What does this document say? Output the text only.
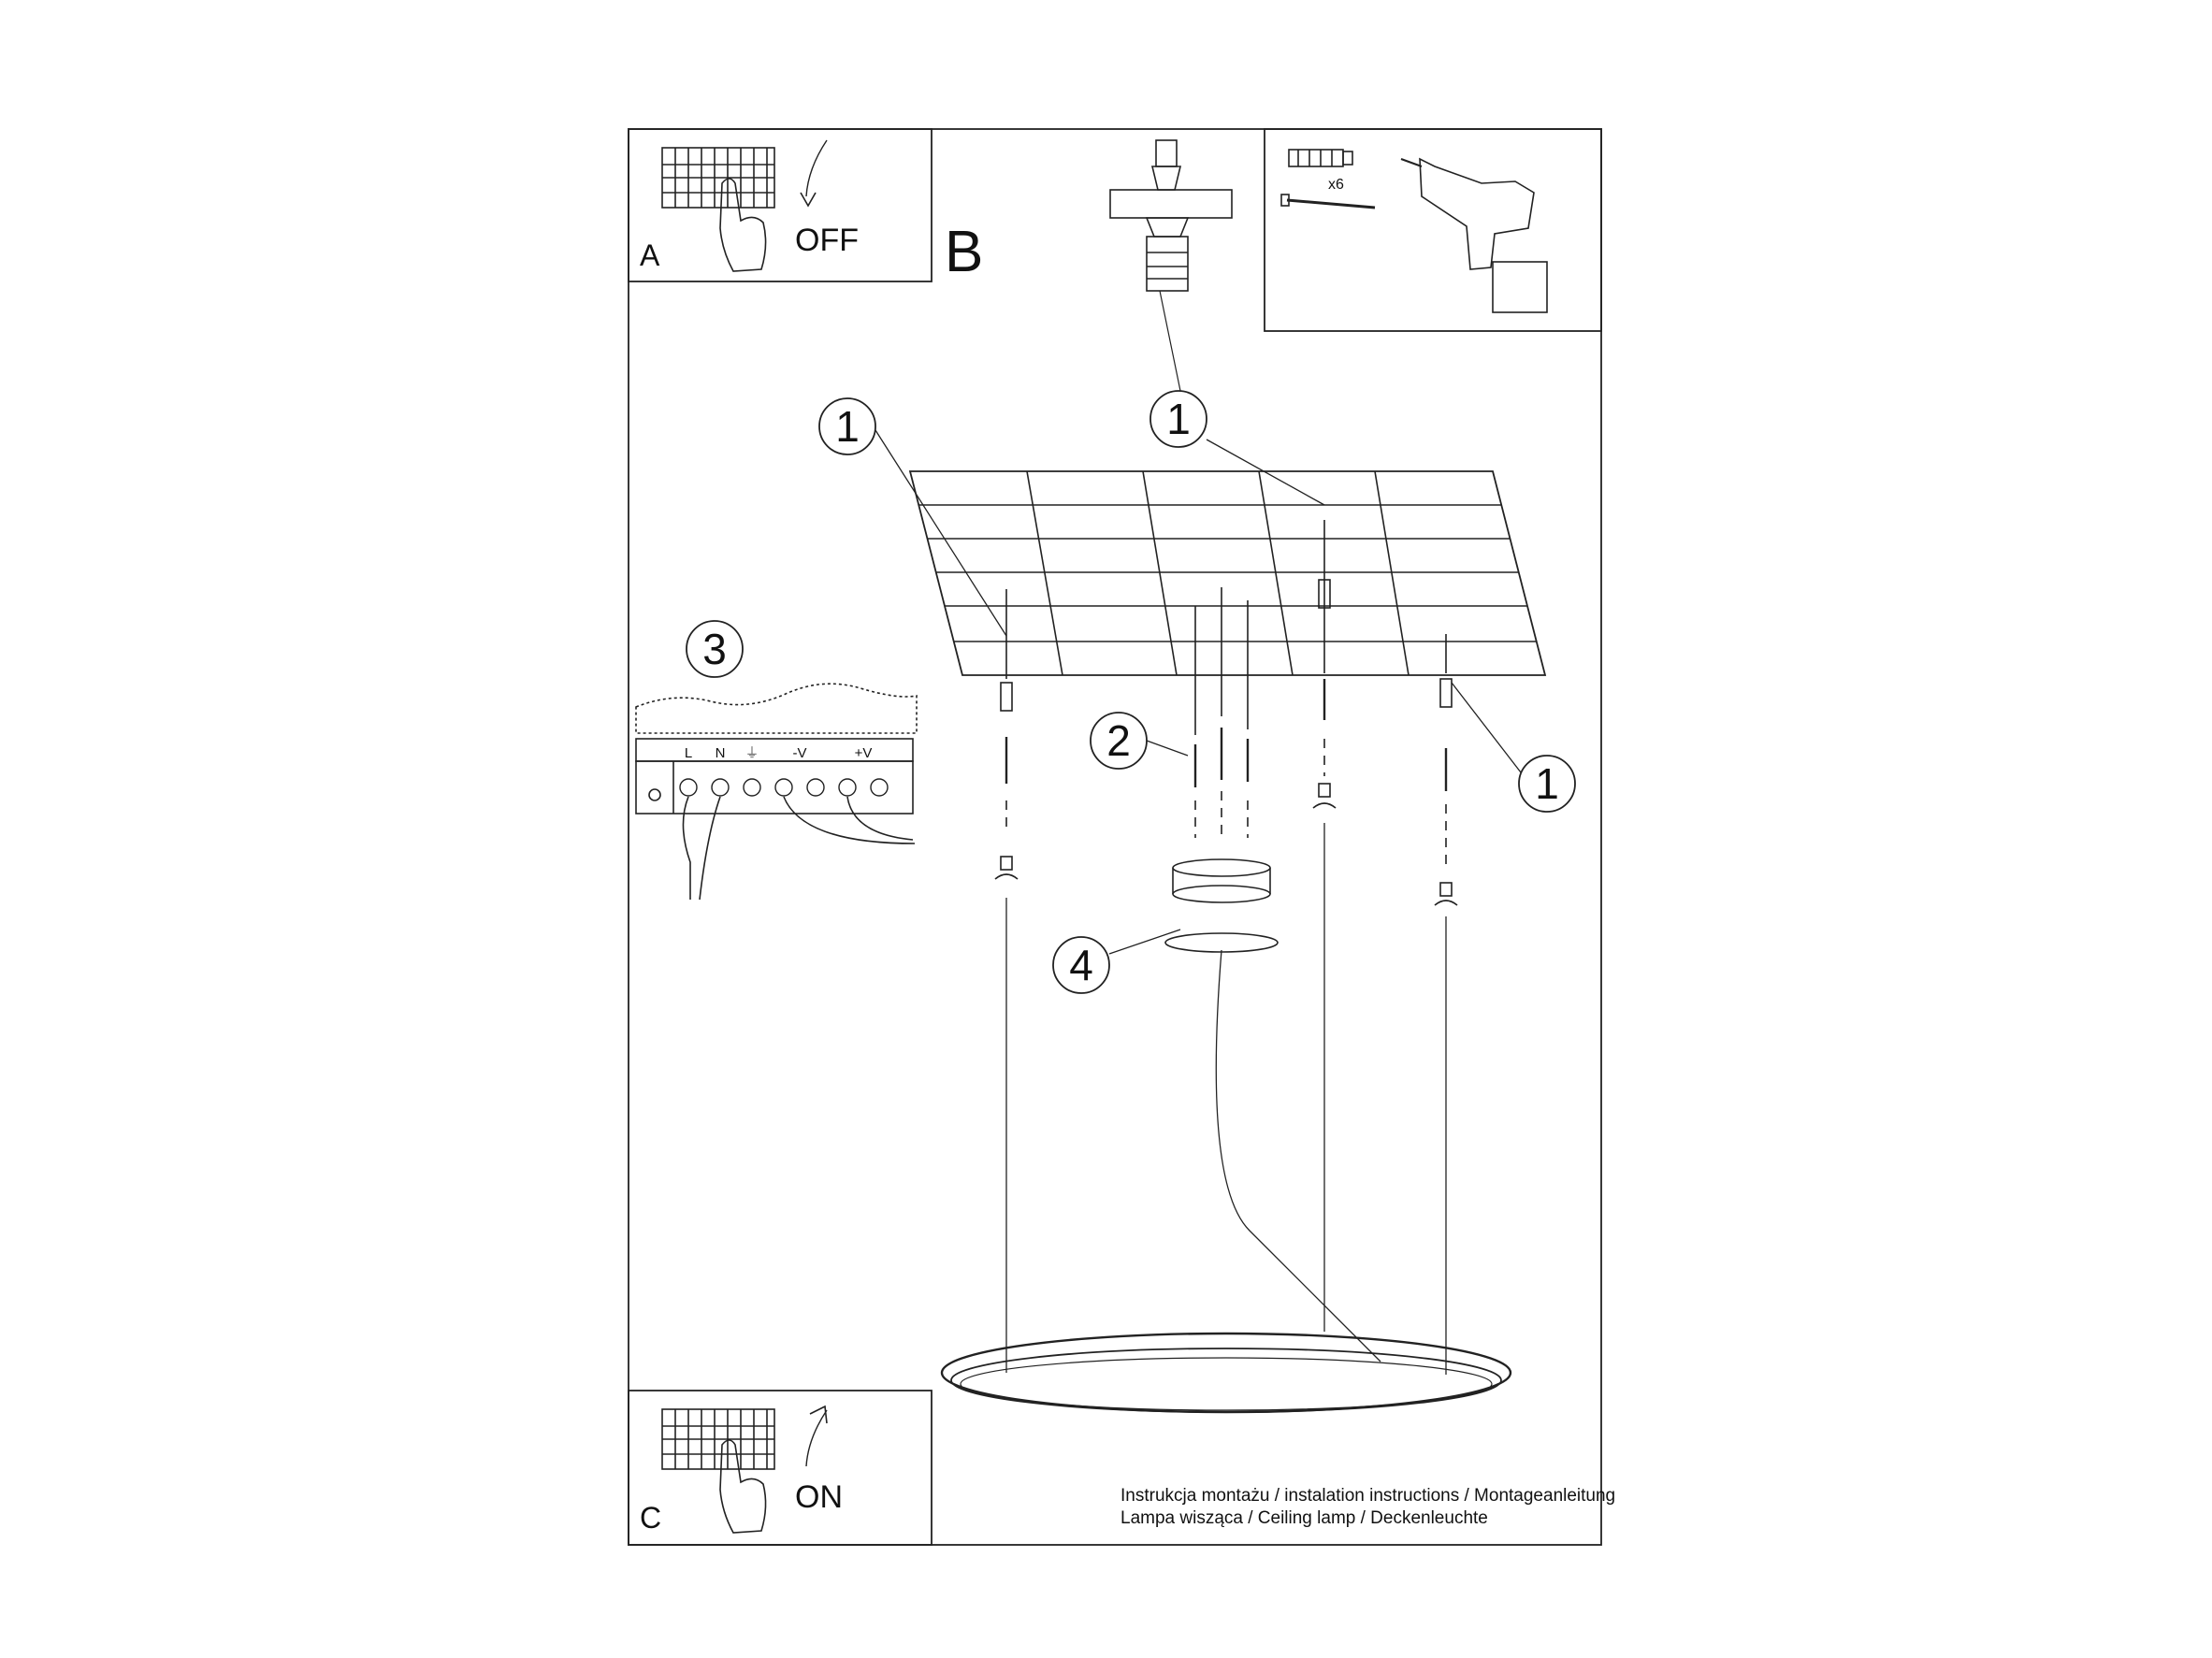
A	OFF B
C
ON
1	1
1
2
3
4
x6
L N ⏚ -V	+V
Instrukcja montażu / instalation instructions / Montageanleitung
Lampa wisząca / Ceiling lamp / Deckenleuchte
